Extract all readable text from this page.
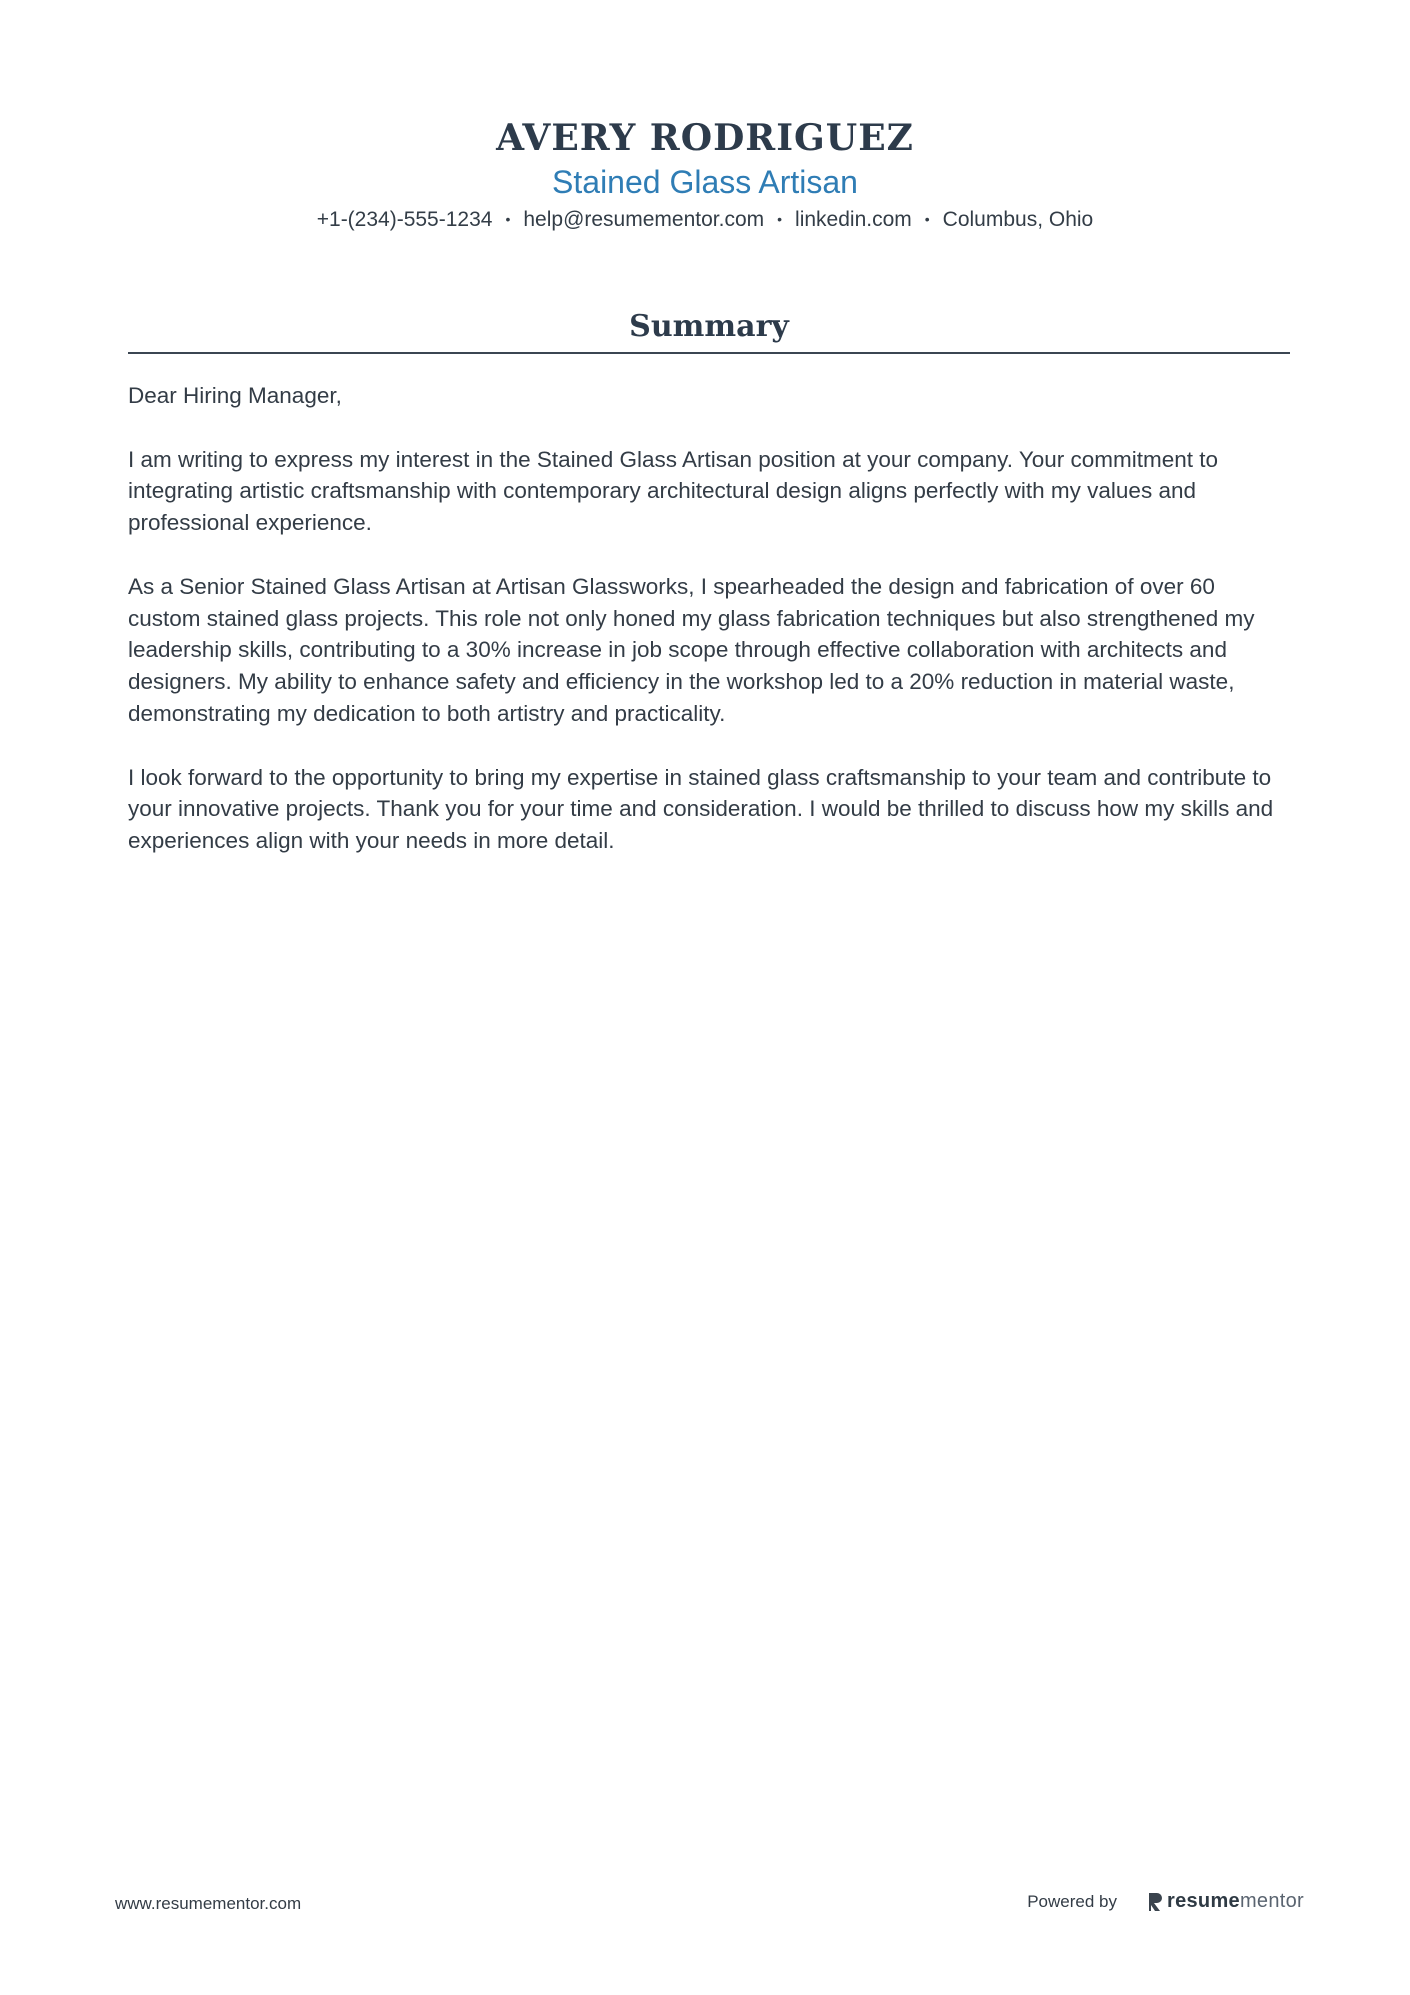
AVERY RODRIGUEZ
Stained Glass Artisan
+1-(234)-555-1234 • help@resumementor.com • linkedin.com • Columbus, Ohio
Summary

Dear Hiring Manager,

I am writing to express my interest in the Stained Glass Artisan position at your company. Your commitment to integrating artistic craftsmanship with contemporary architectural design aligns perfectly with my values and professional experience.

As a Senior Stained Glass Artisan at Artisan Glassworks, I spearheaded the design and fabrication of over 60 custom stained glass projects. This role not only honed my glass fabrication techniques but also strengthened my leadership skills, contributing to a 30% increase in job scope through effective collaboration with architects and designers. My ability to enhance safety and efficiency in the workshop led to a 20% reduction in material waste, demonstrating my dedication to both artistry and practicality.

I look forward to the opportunity to bring my expertise in stained glass craftsmanship to your team and contribute to your innovative projects. Thank you for your time and consideration. I would be thrilled to discuss how my skills and experiences align with your needs in more detail.

www.resumementor.com	Powered by	resume mentor
